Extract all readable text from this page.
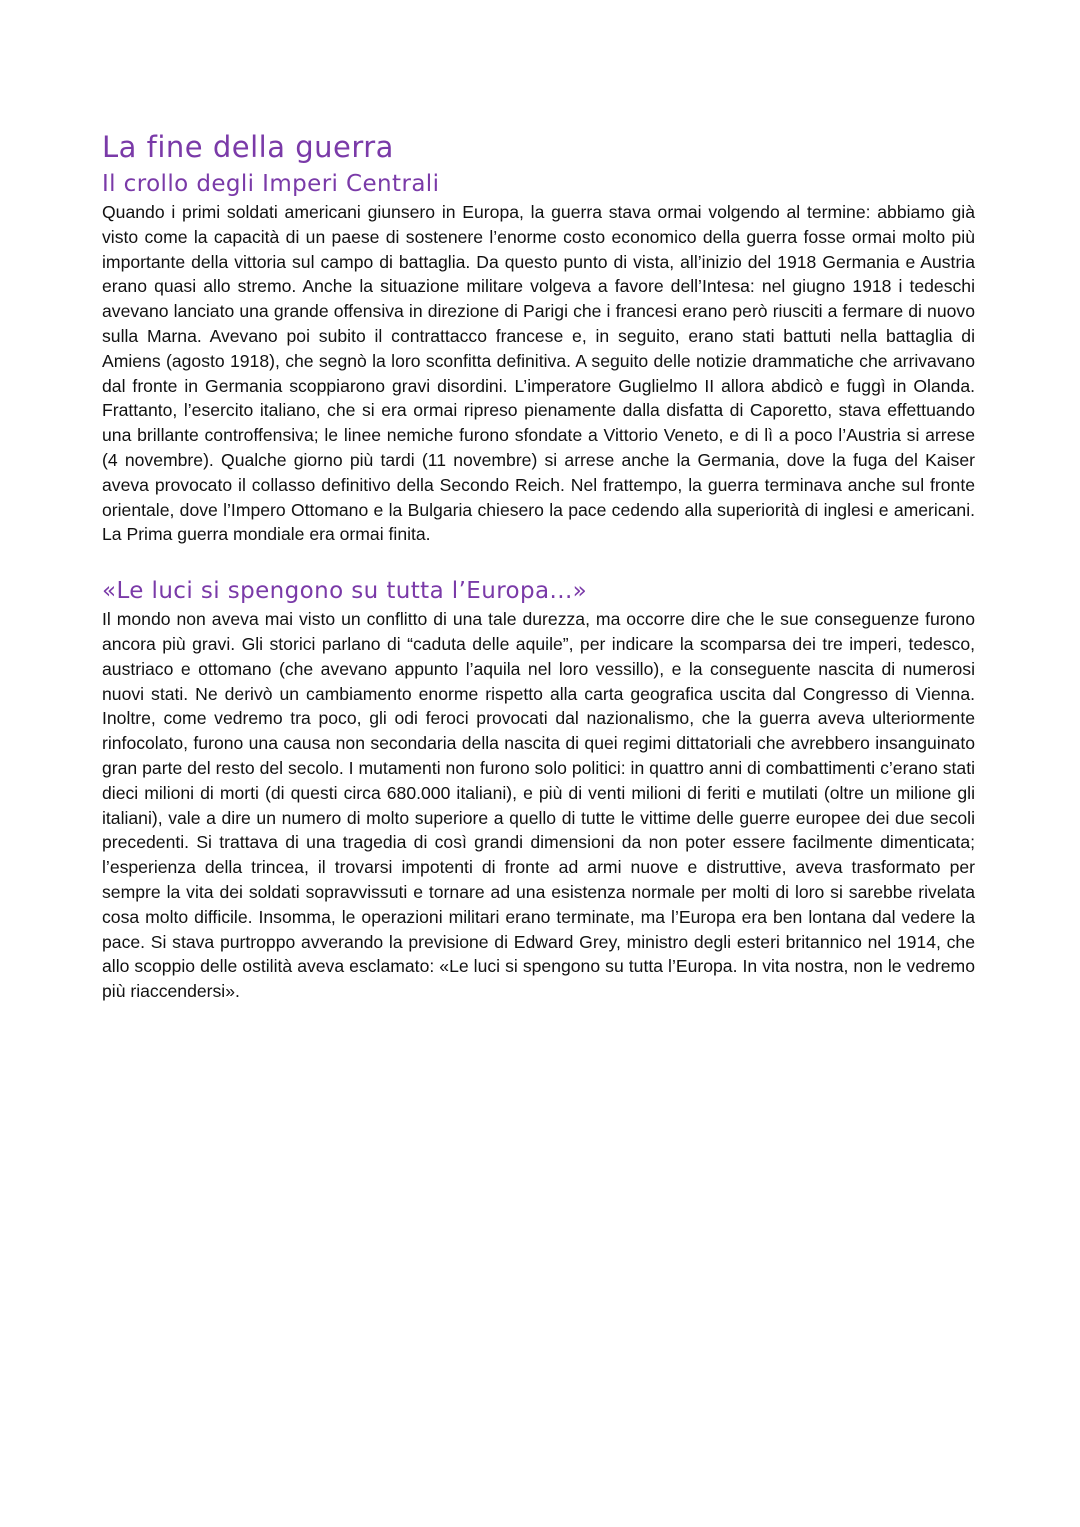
La fine della guerra
Il crollo degli Imperi Centrali

Quando i primi soldati americani giunsero in Europa, la guerra stava ormai volgendo al termine: abbiamo già visto come la capacità di un paese di sostenere l’enorme costo economico della guerra fosse ormai molto più importante della vittoria sul campo di battaglia. Da questo punto di vista, all’inizio del 1918 Germania e Austria erano quasi allo stremo. Anche la situazione militare volgeva a favore dell’Intesa: nel giugno 1918 i tedeschi avevano lanciato una grande offensiva in direzione di Parigi che i francesi erano però riusciti a fermare di nuovo sulla Marna. Avevano poi subito il contrattacco francese e, in seguito, erano stati battuti nella battaglia di Amiens (agosto 1918), che segnò la loro sconfitta definitiva. A seguito delle notizie drammatiche che arrivavano dal fronte in Germania scoppiarono gravi disordini. L’imperatore Guglielmo II allora abdicò e fuggì in Olanda. Frattanto, l’esercito italiano, che si era ormai ripreso pienamente dalla disfatta di Caporetto, stava effettuando una brillante controffensiva; le linee nemiche furono sfondate a Vittorio Veneto, e di lì a poco l’Austria si arrese (4 novembre). Qualche giorno più tardi (11 novembre) si arrese anche la Germania, dove la fuga del Kaiser aveva provocato il collasso definitivo della Secondo Reich. Nel frattempo, la guerra terminava anche sul fronte orientale, dove l’Impero Ottomano e la Bulgaria chiesero la pace cedendo alla superiorità di inglesi e americani. La Prima guerra mondiale era ormai finita.

«Le luci si spengono su tutta l’Europa...»

Il mondo non aveva mai visto un conflitto di una tale durezza, ma occorre dire che le sue conseguenze furono ancora più gravi. Gli storici parlano di “caduta delle aquile”, per indicare la scomparsa dei tre imperi, tedesco, austriaco e ottomano (che avevano appunto l’aquila nel loro vessillo), e la conseguente nascita di numerosi nuovi stati. Ne derivò un cambiamento enorme rispetto alla carta geografica uscita dal Congresso di Vienna. Inoltre, come vedremo tra poco, gli odi feroci provocati dal nazionalismo, che la guerra aveva ulteriormente rinfocolato, furono una causa non secondaria della nascita di quei regimi dittatoriali che avrebbero insanguinato gran parte del resto del secolo. I mutamenti non furono solo politici: in quattro anni di combattimenti c’erano stati dieci milioni di morti (di questi circa 680.000 italiani), e più di venti milioni di feriti e mutilati (oltre un milione gli italiani), vale a dire un numero di molto superiore a quello di tutte le vittime delle guerre europee dei due secoli precedenti. Si trattava di una tragedia di così grandi dimensioni da non poter essere facilmente dimenticata; l’esperienza della trincea, il trovarsi impotenti di fronte ad armi nuove e distruttive, aveva trasformato per sempre la vita dei soldati sopravvissuti e tornare ad una esistenza normale per molti di loro si sarebbe rivelata cosa molto difficile. Insomma, le operazioni militari erano terminate, ma l’Europa era ben lontana dal vedere la pace. Si stava purtroppo avverando la previsione di Edward Grey, ministro degli esteri britannico nel 1914, che allo scoppio delle ostilità aveva esclamato: «Le luci si spengono su tutta l’Europa. In vita nostra, non le vedremo più riaccendersi».
